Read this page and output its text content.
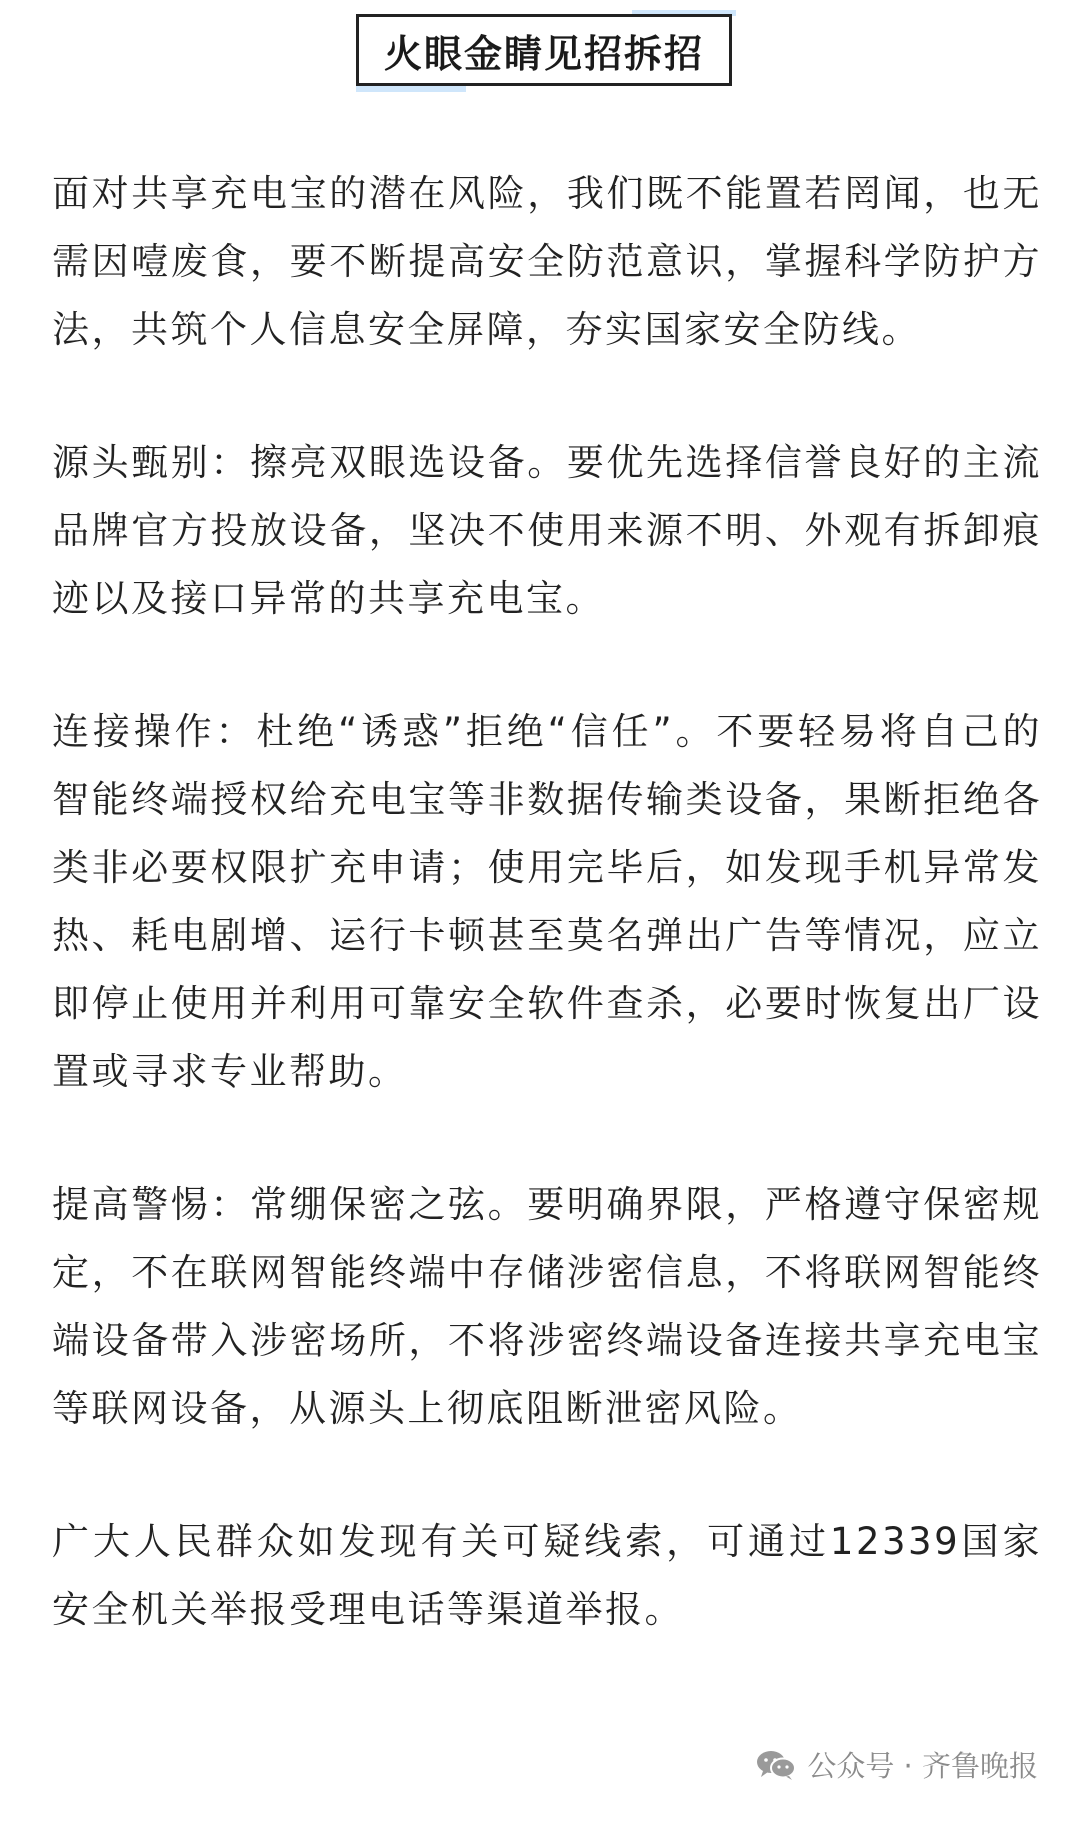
火眼金睛见招拆招

面对共享充电宝的潜在风险，我们既不能置若罔闻，也无需因噎废食，要不断提高安全防范意识，掌握科学防护方法，共筑个人信息安全屏障，夯实国家安全防线。

源头甄别：擦亮双眼选设备。要优先选择信誉良好的主流品牌官方投放设备，坚决不使用来源不明、外观有拆卸痕迹以及接口异常的共享充电宝。

连接操作：杜绝“诱惑”拒绝“信任”。不要轻易将自己的智能终端授权给充电宝等非数据传输类设备，果断拒绝各类非必要权限扩充申请；使用完毕后，如发现手机异常发热、耗电剧增、运行卡顿甚至莫名弹出广告等情况，应立即停止使用并利用可靠安全软件查杀，必要时恢复出厂设置或寻求专业帮助。

提高警惕：常绷保密之弦。要明确界限，严格遵守保密规定，不在联网智能终端中存储涉密信息，不将联网智能终端设备带入涉密场所，不将涉密终端设备连接共享充电宝等联网设备，从源头上彻底阻断泄密风险。

广大人民群众如发现有关可疑线索，可通过12339国家安全机关举报受理电话等渠道举报。

公众号 · 齐鲁晚报
